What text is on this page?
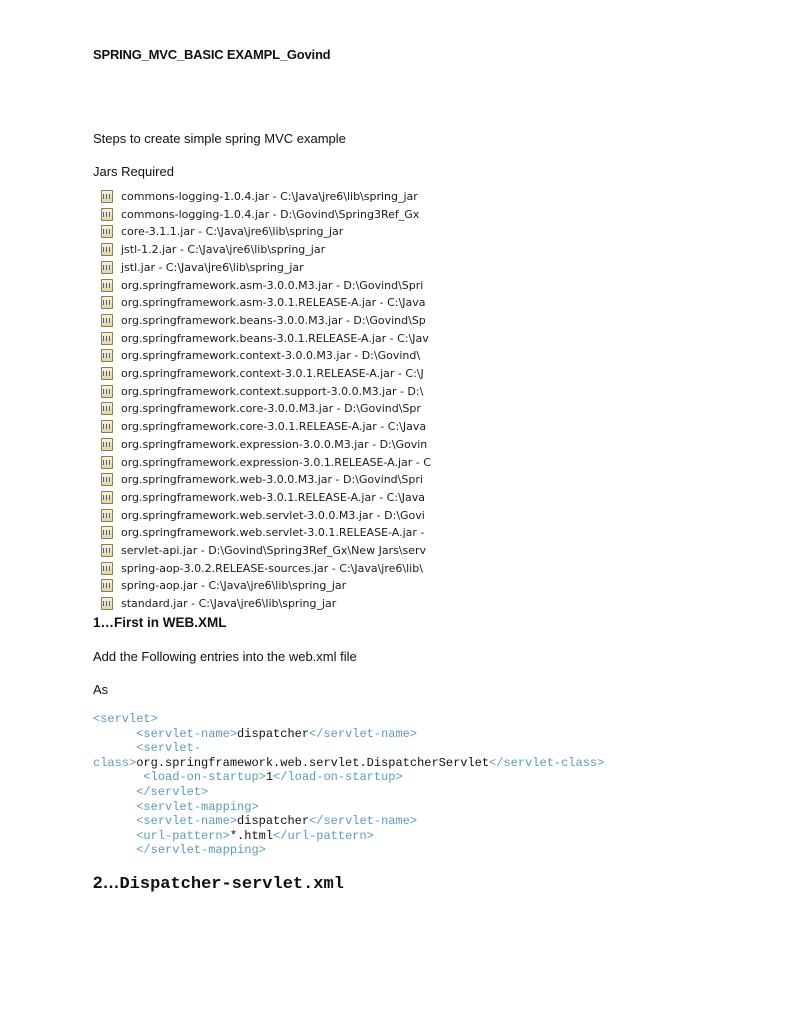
SPRING_MVC_BASIC EXAMPL_Govind
Steps to create simple spring MVC example
Jars Required
commons-logging-1.0.4.jar - C:\Java\jre6\lib\spring_jar
commons-logging-1.0.4.jar - D:\Govind\Spring3Ref_Gx
core-3.1.1.jar - C:\Java\jre6\lib\spring_jar
jstl-1.2.jar - C:\Java\jre6\lib\spring_jar
jstl.jar - C:\Java\jre6\lib\spring_jar
org.springframework.asm-3.0.0.M3.jar - D:\Govind\Spri
org.springframework.asm-3.0.1.RELEASE-A.jar - C:\Java
org.springframework.beans-3.0.0.M3.jar - D:\Govind\Sp
org.springframework.beans-3.0.1.RELEASE-A.jar - C:\Jav
org.springframework.context-3.0.0.M3.jar - D:\Govind\
org.springframework.context-3.0.1.RELEASE-A.jar - C:\J
org.springframework.context.support-3.0.0.M3.jar - D:\
org.springframework.core-3.0.0.M3.jar - D:\Govind\Spr
org.springframework.core-3.0.1.RELEASE-A.jar - C:\Java
org.springframework.expression-3.0.0.M3.jar - D:\Govin
org.springframework.expression-3.0.1.RELEASE-A.jar - C
org.springframework.web-3.0.0.M3.jar - D:\Govind\Spri
org.springframework.web-3.0.1.RELEASE-A.jar - C:\Java
org.springframework.web.servlet-3.0.0.M3.jar - D:\Govi
org.springframework.web.servlet-3.0.1.RELEASE-A.jar -
servlet-api.jar - D:\Govind\Spring3Ref_Gx\New Jars\serv
spring-aop-3.0.2.RELEASE-sources.jar - C:\Java\jre6\lib\
spring-aop.jar - C:\Java\jre6\lib\spring_jar
standard.jar - C:\Java\jre6\lib\spring_jar
1…First in WEB.XML
Add the Following entries into the web.xml file
As
<servlet>
<servlet-name>dispatcher</servlet-name>
<servlet-
class>org.springframework.web.servlet.DispatcherServlet</servlet-class>
<load-on-startup>1</load-on-startup>
</servlet>
<servlet-mapping>
<servlet-name>dispatcher</servlet-name>
<url-pattern>*.html</url-pattern>
</servlet-mapping>
2…Dispatcher-servlet.xml
